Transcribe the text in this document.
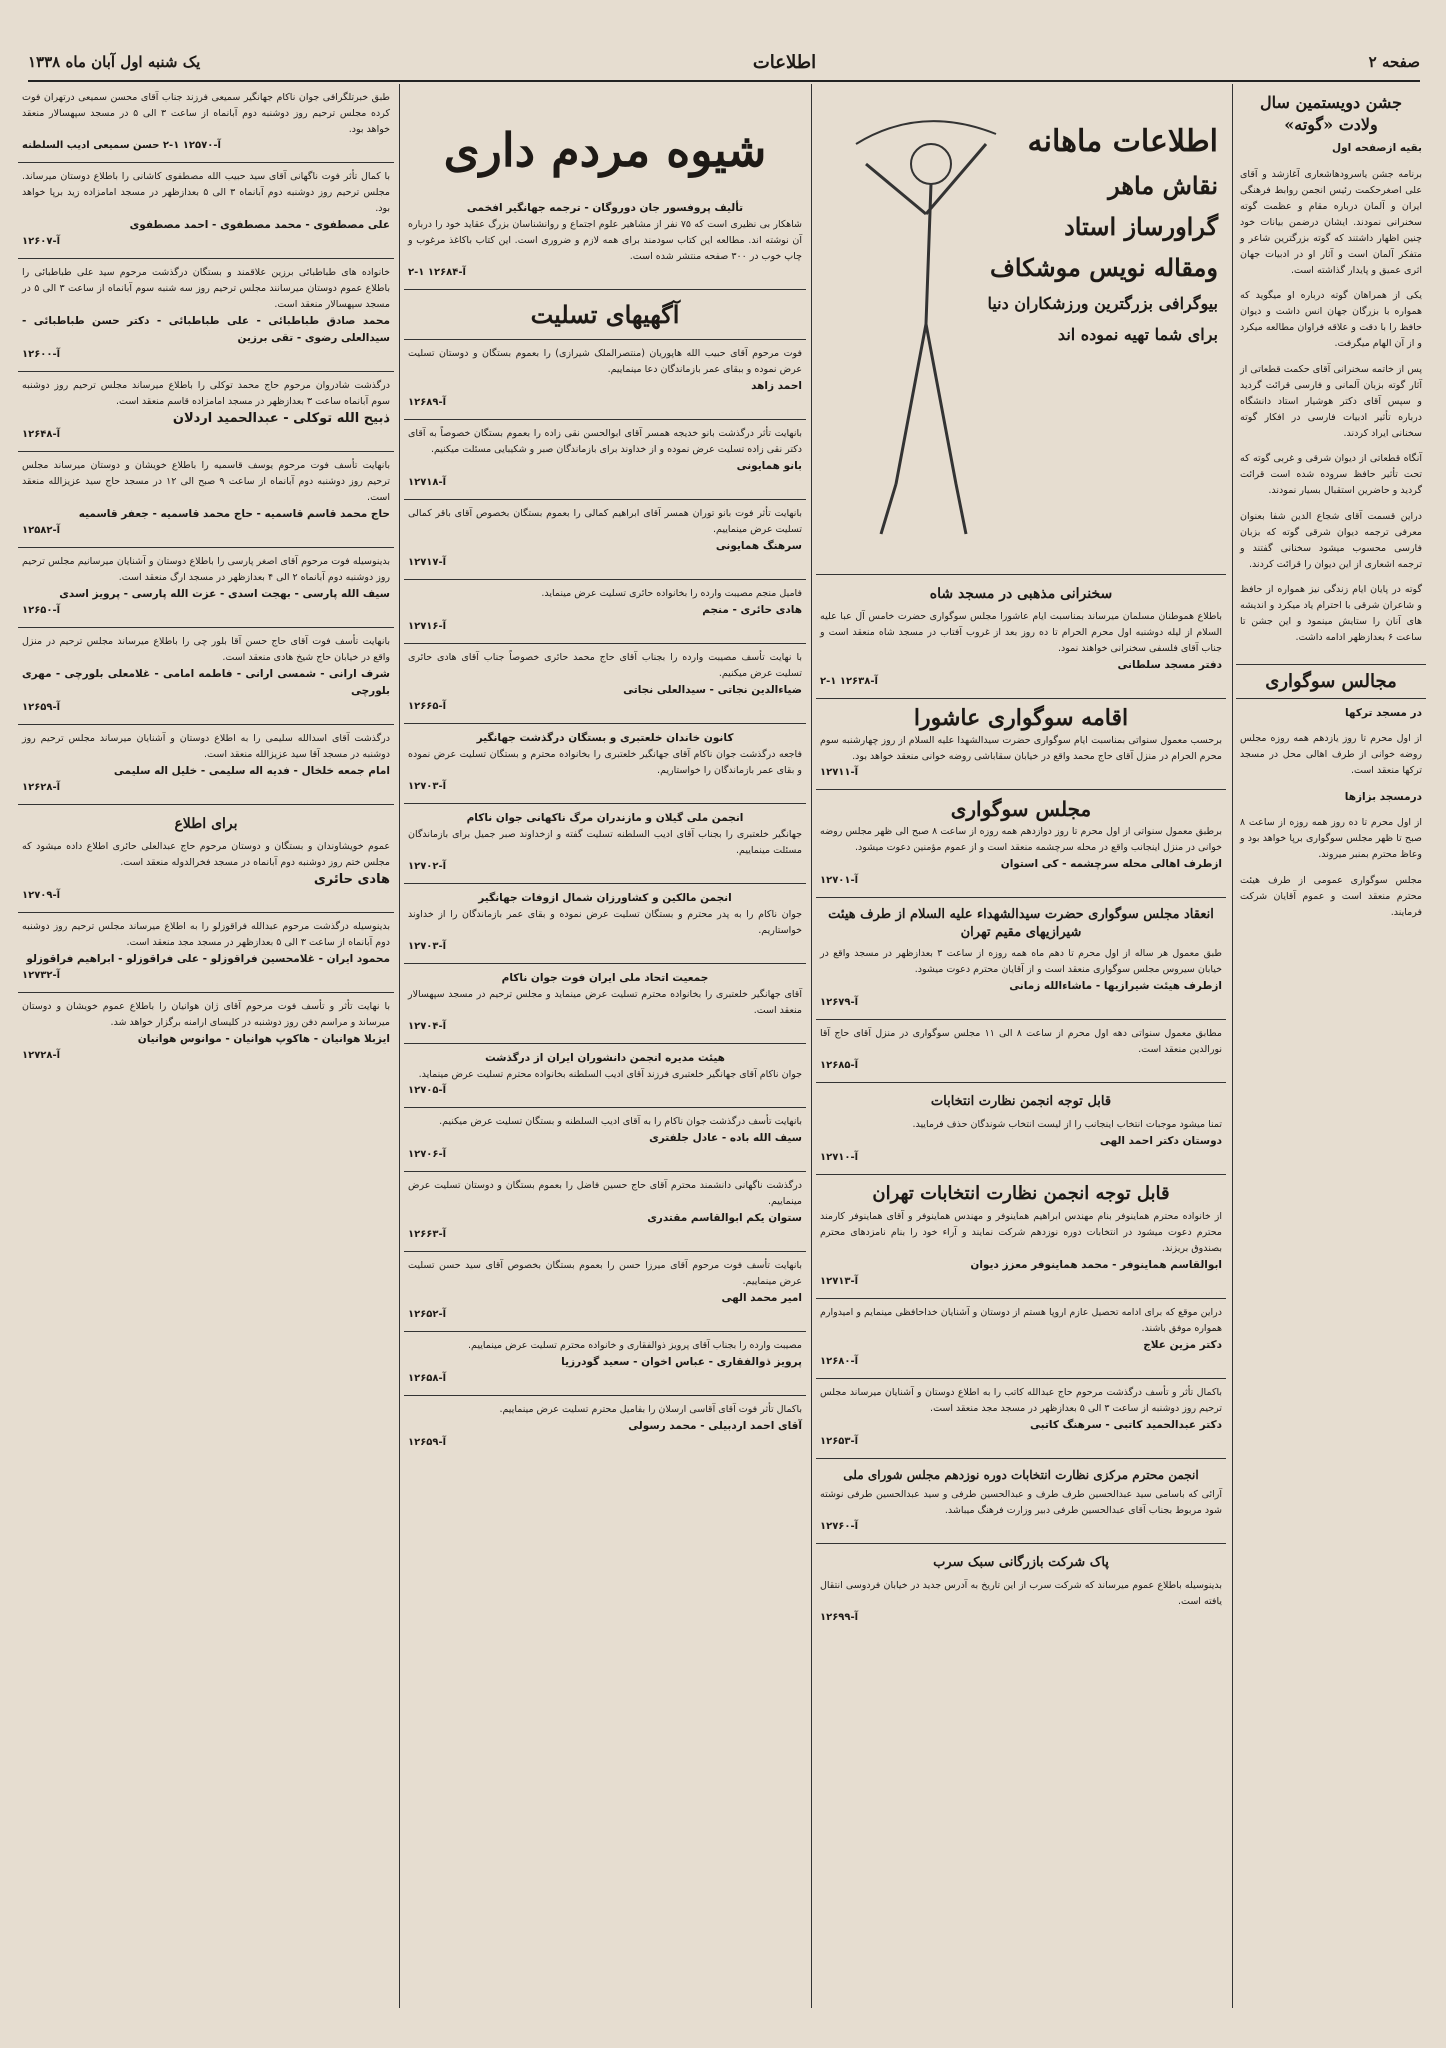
صفحه ۲
اطلاعات
یک شنبه اول آبان ماه ۱۳۳۸
جشن دویستمین سال ولادت «گوته»
بقیه ازصفحه اول

برنامه جشن یاسرودهاشعاری آغازشد و آقای علی اصغرحکمت رئیس انجمن روابط فرهنگی ایران و آلمان درباره مقام و عظمت گوته سخنرانی نمودند. ایشان درضمن بیانات خود چنین اظهار داشتند که گوته بزرگترین شاعر و متفکر آلمان است و آثار او در ادبیات جهان اثری عمیق و پایدار گذاشته است.

یکی از همراهان گوته درباره او میگوید که همواره با بزرگان جهان انس داشت و دیوان حافظ را با دقت و علاقه فراوان مطالعه میکرد و از آن الهام میگرفت.

پس از خاتمه سخنرانی آقای حکمت قطعاتی از آثار گوته بزبان آلمانی و فارسی قرائت گردید و سپس آقای دکتر هوشیار استاد دانشگاه درباره تأثیر ادبیات فارسی در افکار گوته سخنانی ایراد کردند.

آنگاه قطعاتی از دیوان شرقی و غربی گوته که تحت تأثیر حافظ سروده شده است قرائت گردید و حاضرین استقبال بسیار نمودند.

دراین قسمت آقای شجاع الدین شفا بعنوان معرفی ترجمه دیوان شرقی گوته که بزبان فارسی محسوب میشود سخنانی گفتند و ترجمه اشعاری از این دیوان را قرائت کردند.

گوته در پایان ایام زندگی نیز همواره از حافظ و شاعران شرقی با احترام یاد میکرد و اندیشه های آنان را ستایش مینمود و این جشن تا ساعت ۶ بعدازظهر ادامه داشت.

مجالس سوگواری
در مسجد ترکها

از اول محرم تا روز یازدهم همه روزه مجلس روضه خوانی از طرف اهالی محل در مسجد ترکها منعقد است.

درمسجد بزازها

از اول محرم تا ده روز همه روزه از ساعت ۸ صبح تا ظهر مجلس سوگواری برپا خواهد بود و وعاظ محترم بمنبر میروند.

مجلس سوگواری عمومی از طرف هیئت محترم منعقد است و عموم آقایان شرکت فرمایند.

اطلاعات ماهانه
نقاش ماهر
گراورساز استاد
ومقاله نویس موشکاف
بیوگرافی بزرگترین ورزشکاران دنیا
برای شما تهیه نموده اند
سخنرانی مذهبی در مسجد شاه
باطلاع هموطنان مسلمان میرساند بمناسبت ایام عاشورا مجلس سوگواری حضرت خامس آل عبا علیه السلام از لیله دوشنبه اول محرم الحرام تا ده روز بعد از غروب آفتاب در مسجد شاه منعقد است و جناب آقای فلسفی سخنرانی خواهند نمود.
دفتر مسجد سلطانی
۲-۱ آ-۱۲۶۳۸
اقامه سوگواری عاشورا
برحسب معمول سنواتی بمناسبت ایام سوگواری حضرت سیدالشهدا علیه السلام از روز چهارشنبه سوم محرم الحرام در منزل آقای حاج محمد واقع در خیابان سقاباشی روضه خوانی منعقد خواهد بود.
آ-۱۲۷۱۱
مجلس سوگواری
برطبق معمول سنواتی از اول محرم تا روز دوازدهم همه روزه از ساعت ۸ صبح الی ظهر مجلس روضه خوانی در منزل اینجانب واقع در محله سرچشمه منعقد است و از عموم مؤمنین دعوت میشود.
ازطرف اهالی محله سرچشمه - کی استوان
آ-۱۲۷۰۱
انعقاد مجلس سوگواری حضرت سیدالشهداء علیه السلام از طرف هیئت شیرازیهای مقیم تهران
طبق معمول هر ساله از اول محرم تا دهم ماه همه روزه از ساعت ۳ بعدازظهر در مسجد واقع در خیابان سیروس مجلس سوگواری منعقد است و از آقایان محترم دعوت میشود.
ازطرف هیئت شیرازیها - ماشاءالله زمانی
آ-۱۲۶۷۹
مطابق معمول سنواتی دهه اول محرم از ساعت ۸ الی ۱۱ مجلس سوگواری در منزل آقای حاج آقا نورالدین منعقد است.
آ-۱۲۶۸۵
قابل توجه انجمن نظارت انتخابات
تمنا میشود موجبات انتخاب اینجانب را از لیست انتخاب شوندگان حذف فرمایید.
دوستان دکتر احمد الهی
آ-۱۲۷۱۰
قابل توجه انجمن نظارت انتخابات تهران
از خانواده محترم هماینوفر بنام مهندس ابراهیم هماینوفر و مهندس هماینوفر و آقای هماینوفر کارمند محترم دعوت میشود در انتخابات دوره نوزدهم شرکت نمایند و آراء خود را بنام نامزدهای محترم بصندوق بریزند.
ابوالقاسم هماینوفر - محمد هماینوفر معزز دیوان
آ-۱۲۷۱۳
دراین موقع که برای ادامه تحصیل عازم اروپا هستم از دوستان و آشنایان خداحافظی مینمایم و امیدوارم همواره موفق باشند.
دکتر مزین علاج
آ-۱۲۶۸۰
باکمال تأثر و تأسف درگذشت مرحوم حاج عبدالله کاتب را به اطلاع دوستان و آشنایان میرساند مجلس ترحیم روز دوشنبه از ساعت ۳ الی ۵ بعدازظهر در مسجد مجد منعقد است.
دکتر عبدالحمید کاتبی - سرهنگ کاتبی
آ-۱۲۶۵۳
انجمن محترم مرکزی نظارت انتخابات دوره نوزدهم مجلس شورای ملی
آرائی که باسامی سید عبدالحسین طرف طرف و عبدالحسین طرفی و سید عبدالحسین طرفی نوشته شود مربوط بجناب آقای عبدالحسین طرفی دبیر وزارت فرهنگ میباشد.
آ-۱۲۷۶۰
پاک شرکت بازرگانی سبک سرب
بدینوسیله باطلاع عموم میرساند که شرکت سرب از این تاریخ به آدرس جدید در خیابان فردوسی انتقال یافته است.
آ-۱۲۶۹۹
شیوه مردم داری
تألیف پروفسور جان دوروگان - ترجمه جهانگیر افخمی
شاهکار بی نظیری است که ۷۵ نفر از مشاهیر علوم اجتماع و روانشناسان بزرگ عقاید خود را درباره آن نوشته اند. مطالعه این کتاب سودمند برای همه لازم و ضروری است. این کتاب باکاغذ مرغوب و چاپ خوب در ۳۰۰ صفحه منتشر شده است.
آ-۱۲۶۸۴ ۱-۲
آگهیهای تسلیت
فوت مرحوم آقای حبیب الله هاپوریان (منتصرالملک شیرازی) را بعموم بستگان و دوستان تسلیت عرض نموده و ببقای عمر بازماندگان دعا مینماییم.
احمد زاهد
آ-۱۲۶۸۹
بانهایت تأثر درگذشت بانو خدیجه همسر آقای ابوالحسن نقی زاده را بعموم بستگان خصوصاً به آقای دکتر نقی زاده تسلیت عرض نموده و از خداوند برای بازماندگان صبر و شکیبایی مسئلت میکنیم.
بانو همایونی
آ-۱۲۷۱۸
بانهایت تأثر فوت بانو توران همسر آقای ابراهیم کمالی را بعموم بستگان بخصوص آقای باقر کمالی تسلیت عرض مینماییم.
سرهنگ همایونی
آ-۱۲۷۱۷
فامیل منجم مصیبت وارده را بخانواده حائری تسلیت عرض مینماید.
هادی حائری - منجم
آ-۱۲۷۱۶
با نهایت تأسف مصیبت وارده را بجناب آقای حاج محمد حائری خصوصاً جناب آقای هادی حائری تسلیت عرض میکنیم.
ضیاءالدین نجاتی - سیدالعلی نجاتی
آ-۱۲۶۶۵
کانون خاندان خلعتبری و بستگان درگذشت جهانگیر
فاجعه درگذشت جوان ناکام آقای جهانگیر خلعتبری را بخانواده محترم و بستگان تسلیت عرض نموده و بقای عمر بازماندگان را خواستاریم.
آ-۱۲۷۰۳
انجمن ملی گیلان و مازندران مرگ ناکهانی جوان ناکام
جهانگیر خلعتبری را بجناب آقای ادیب السلطنه تسلیت گفته و ازخداوند صبر جمیل برای بازماندگان مسئلت مینماییم.
آ-۱۲۷۰۲
انجمن مالکین و کشاورزان شمال ازوفات جهانگیر
جوان ناکام را به پدر محترم و بستگان تسلیت عرض نموده و بقای عمر بازماندگان را از خداوند خواستاریم.
آ-۱۲۷۰۳
جمعیت اتحاد ملی ایران فوت جوان ناکام
آقای جهانگیر خلعتبری را بخانواده محترم تسلیت عرض مینماید و مجلس ترحیم در مسجد سپهسالار منعقد است.
آ-۱۲۷۰۴
هیئت مدیره انجمن دانشوران ایران از درگذشت
جوان ناکام آقای جهانگیر خلعتبری فرزند آقای ادیب السلطنه بخانواده محترم تسلیت عرض مینماید.
آ-۱۲۷۰۵
بانهایت تأسف درگذشت جوان ناکام را به آقای ادیب السلطنه و بستگان تسلیت عرض میکنیم.
سیف الله باده - عادل جلفتری
آ-۱۲۷۰۶
درگذشت ناگهانی دانشمند محترم آقای حاج حسین فاضل را بعموم بستگان و دوستان تسلیت عرض مینماییم.
ستوان یکم ابوالقاسم مقتدری
آ-۱۲۶۶۳
بانهایت تأسف فوت مرحوم آقای میرزا حسن را بعموم بستگان بخصوص آقای سید حسن تسلیت عرض مینماییم.
امیر محمد الهی
آ-۱۲۶۵۲
مصیبت وارده را بجناب آقای پرویز ذوالفقاری و خانواده محترم تسلیت عرض مینماییم.
پرویز ذوالفقاری - عباس اخوان - سعید گودرزیا
آ-۱۲۶۵۸
باکمال تأثر فوت آقای آقاسی ارسلان را بفامیل محترم تسلیت عرض مینماییم.
آقای احمد اردبیلی - محمد رسولی
آ-۱۲۶۵۹
طبق خبرتلگرافی جوان ناکام جهانگیر سمیعی فرزند جناب آقای محسن سمیعی درتهران فوت کرده مجلس ترحیم روز دوشنبه دوم آبانماه از ساعت ۳ الی ۵ در مسجد سپهسالار منعقد خواهد بود.
آ-۱۲۵۷۰ ۱-۲ حسن سمیعی ادیب السلطنه
با کمال تأثر فوت ناگهانی آقای سید حبیب الله مصطفوی کاشانی را باطلاع دوستان میرساند. مجلس ترحیم روز دوشنبه دوم آبانماه ۳ الی ۵ بعدازظهر در مسجد امامزاده زید برپا خواهد بود.
علی مصطفوی - محمد مصطفوی - احمد مصطفوی
آ-۱۲۶۰۷
خانواده های طباطبائی برزین علاقمند و بستگان درگذشت مرحوم سید علی طباطبائی را باطلاع عموم دوستان میرسانند مجلس ترحیم روز سه شنبه سوم آبانماه از ساعت ۳ الی ۵ در مسجد سپهسالار منعقد است.
محمد صادق طباطبائی - علی طباطبائی - دکتر حسن طباطبائی - سیدالعلی رضوی - تقی برزین
آ-۱۲۶۰۰
درگذشت شادروان مرحوم حاج محمد توکلی را باطلاع میرساند مجلس ترحیم روز دوشنبه سوم آبانماه ساعت ۳ بعدازظهر در مسجد امامزاده قاسم منعقد است.
ذبیح الله توکلی - عبدالحمید اردلان
آ-۱۲۶۴۸
بانهایت تأسف فوت مرحوم یوسف قاسمیه را باطلاع خویشان و دوستان میرساند مجلس ترحیم روز دوشنبه دوم آبانماه از ساعت ۹ صبح الی ۱۲ در مسجد حاج سید عزیزالله منعقد است.
حاج محمد قاسم قاسمیه - حاج محمد قاسمیه - جعفر قاسمیه
آ-۱۲۵۸۲
بدینوسیله فوت مرحوم آقای اصغر پارسی را باطلاع دوستان و آشنایان میرسانیم مجلس ترحیم روز دوشنبه دوم آبانماه ۲ الی ۴ بعدازظهر در مسجد ارگ منعقد است.
سیف الله پارسی - بهجت اسدی - عزت الله پارسی - پرویز اسدی
آ-۱۲۶۵۰
بانهایت تأسف فوت آقای حاج حسن آقا بلور چی را باطلاع میرساند مجلس ترحیم در منزل واقع در خیابان حاج شیخ هادی منعقد است.
شرف ارانی - شمسی ارانی - فاطمه امامی - غلامعلی بلورچی - مهری بلورچی
آ-۱۲۶۵۹
درگذشت آقای اسدالله سلیمی را به اطلاع دوستان و آشنایان میرساند مجلس ترحیم روز دوشنبه در مسجد آقا سید عزیزالله منعقد است.
امام جمعه خلخال - فدیه اله سلیمی - خلیل اله سلیمی
آ-۱۲۶۲۸
برای اطلاع
عموم خویشاوندان و بستگان و دوستان مرحوم حاج عبدالعلی حائری اطلاع داده میشود که مجلس ختم روز دوشنبه دوم آبانماه در مسجد فخرالدوله منعقد است.
هادی حائری
آ-۱۲۷۰۹
بدینوسیله درگذشت مرحوم عبدالله فراقوزلو را به اطلاع میرساند مجلس ترحیم روز دوشنبه دوم آبانماه از ساعت ۳ الی ۵ بعدازظهر در مسجد مجد منعقد است.
محمود ایران - غلامحسین فراقوزلو - علی فراقوزلو - ابراهیم فراقوزلو
آ-۱۲۷۳۲
با نهایت تأثر و تأسف فوت مرحوم آقای ژان هوانیان را باطلاع عموم خویشان و دوستان میرساند و مراسم دفن روز دوشنبه در کلیسای ارامنه برگزار خواهد شد.
ایزبلا هوانیان - هاکوپ هوانیان - موانوس هوانیان
آ-۱۲۷۲۸
